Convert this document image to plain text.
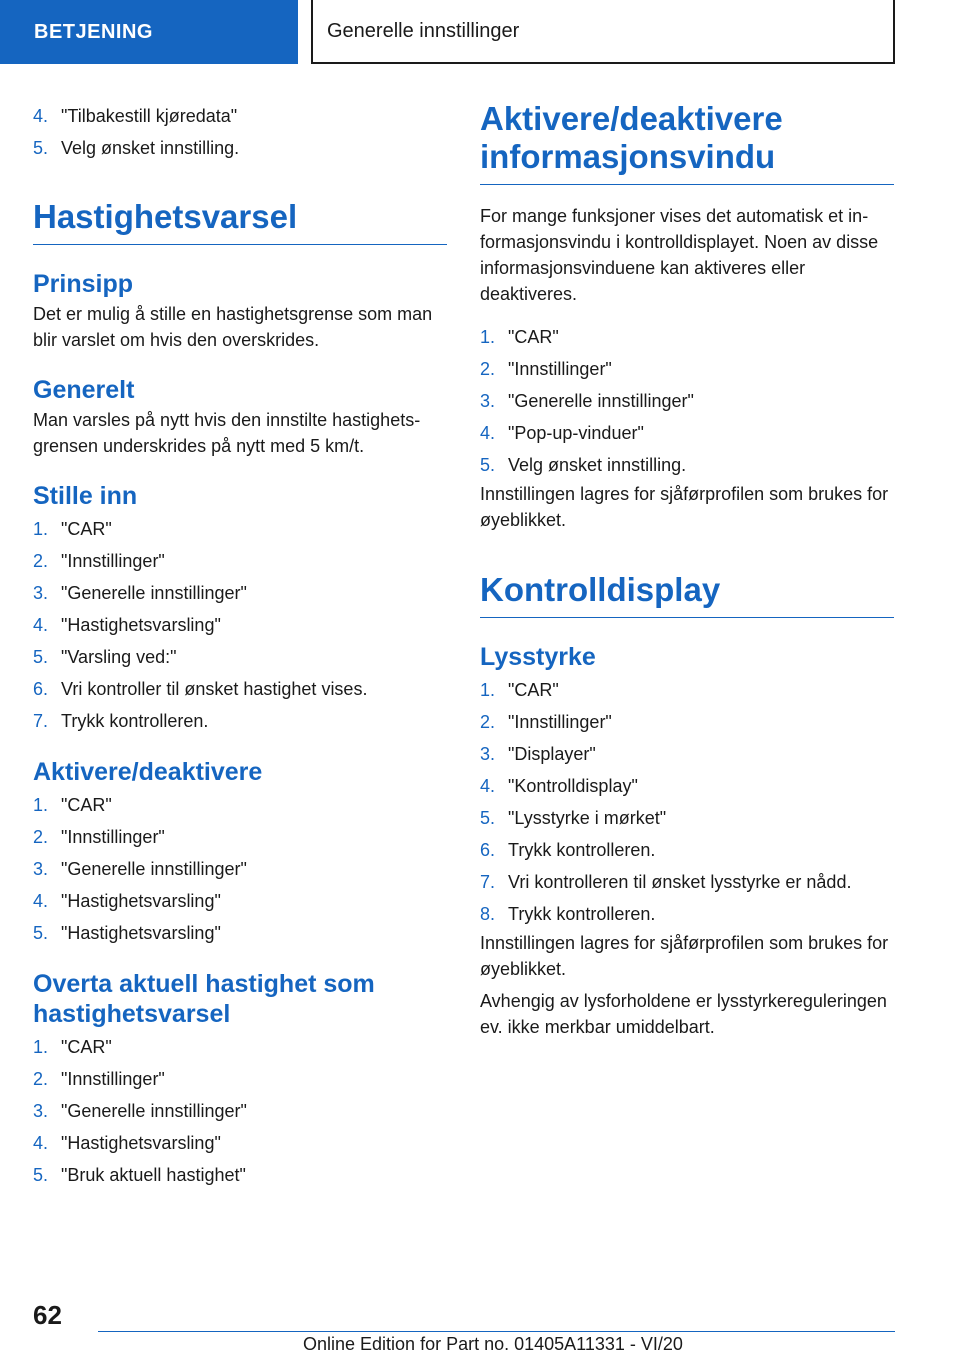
BETJENING	Generelle innstillinger
4. "Tilbakestill kjøredata"
5. Velg ønsket innstilling.
Hastighetsvarsel
Prinsipp

Det er mulig å stille en hastighetsgrense som man blir varslet om hvis den overskrides.

Generelt

Man varsles på nytt hvis den innstilte hastighetsgrensen underskrides på nytt med 5 km/t.

Stille inn
1. "CAR"
2. "Innstillinger"
3. "Generelle innstillinger"
4. "Hastighetsvarsling"
5. "Varsling ved:"
6. Vri kontroller til ønsket hastighet vises.
7. Trykk kontrolleren.
Aktivere/deaktivere
1. "CAR"
2. "Innstillinger"
3. "Generelle innstillinger"
4. "Hastighetsvarsling"
5. "Hastighetsvarsling"
Overta aktuell hastighet som hastighetsvarsel
1. "CAR"
2. "Innstillinger"
3. "Generelle innstillinger"
4. "Hastighetsvarsling"
5. "Bruk aktuell hastighet"
Aktivere/deaktivere informasjonsvindu

For mange funksjoner vises det automatisk et informasjonsvindu i kontrolldisplayet. Noen av disse informasjonsvinduene kan aktiveres eller deaktiveres.

1. "CAR"
2. "Innstillinger"
3. "Generelle innstillinger"
4. "Pop-up-vinduer"
5. Velg ønsket innstilling.

Innstillingen lagres for sjåførprofilen som brukes for øyeblikket.

Kontrolldisplay
Lysstyrke
1. "CAR"
2. "Innstillinger"
3. "Displayer"
4. "Kontrolldisplay"
5. "Lysstyrke i mørket"
6. Trykk kontrolleren.
7. Vri kontrolleren til ønsket lysstyrke er nådd.
8. Trykk kontrolleren.

Innstillingen lagres for sjåførprofilen som brukes for øyeblikket.

Avhengig av lysforholdene er lysstyrkereguleringen ev. ikke merkbar umiddelbart.

62
Online Edition for Part no. 01405A11331 - VI/20
